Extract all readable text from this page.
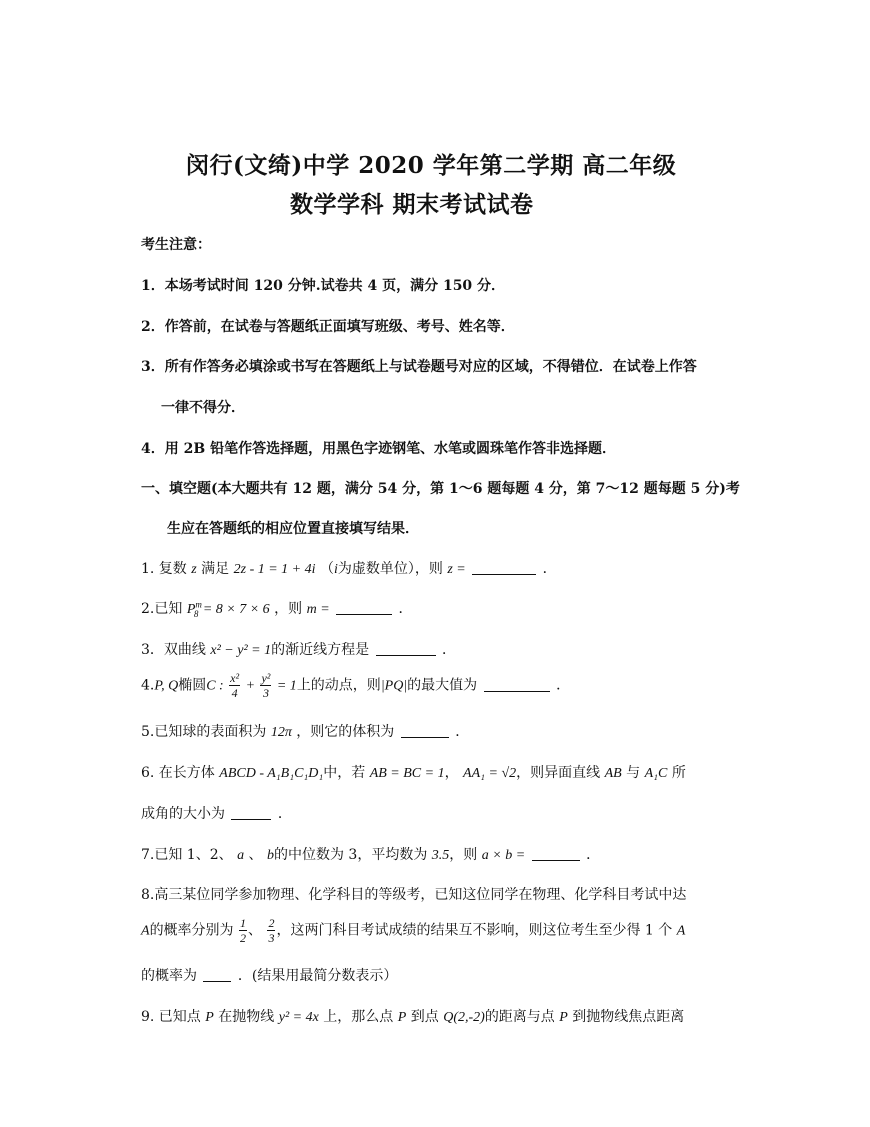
闵行(文绮)中学 2020 学年第二学期 高二年级
数学学科 期末考试试卷
考生注意：
1．本场考试时间 120 分钟.试卷共 4 页，满分 150 分．
2．作答前，在试卷与答题纸正面填写班级、考号、姓名等．
3．所有作答务必填涂或书写在答题纸上与试卷题号对应的区域，不得错位．在试卷上作答
一律不得分．
4．用 2B 铅笔作答选择题，用黑色字迹钢笔、水笔或圆珠笔作答非选择题．
一、填空题(本大题共有 12 题，满分 54 分，第 1～6 题每题 4 分，第 7～12 题每题 5 分)考
生应在答题纸的相应位置直接填写结果．
1. 复数 z 满足 2z - 1 = 1 + 4i （i为虚数单位），则 z =	．
2.已知 $P^m_8 = 8 \times 7 \times 6$ ，则 m =	．
3．双曲线 x² − y² = 1的渐近线方程是	．
4.P, Q椭圆C : $\frac{\text{x²}}{4} + \frac{\text{y²}}{3} = 1$上的动点，则|PQ|的最大值为	．
5.已知球的表面积为 12π ，则它的体积为	．
6. 在长方体 ABCD - A₁B₁C₁D₁中，若 AB = BC = 1， AA₁ = √2，则异面直线 AB 与 A₁C 所
成角的大小为	．
7.已知 1、2、 a 、 b的中位数为 3，平均数为 3.5，则 a × b =	．
8.高三某位同学参加物理、化学科目的等级考，已知这位同学在物理、化学科目考试中达
A的概率分别为 $\frac{1}{2}$ 、 $\frac{2}{3}$ ，这两门科目考试成绩的结果互不影响，则这位考生至少得 1 个 A
的概率为	．(结果用最简分数表示）
9. 已知点 P 在抛物线 y² = 4x 上，那么点 P 到点 Q(2,-2)的距离与点 P 到抛物线焦点距离
